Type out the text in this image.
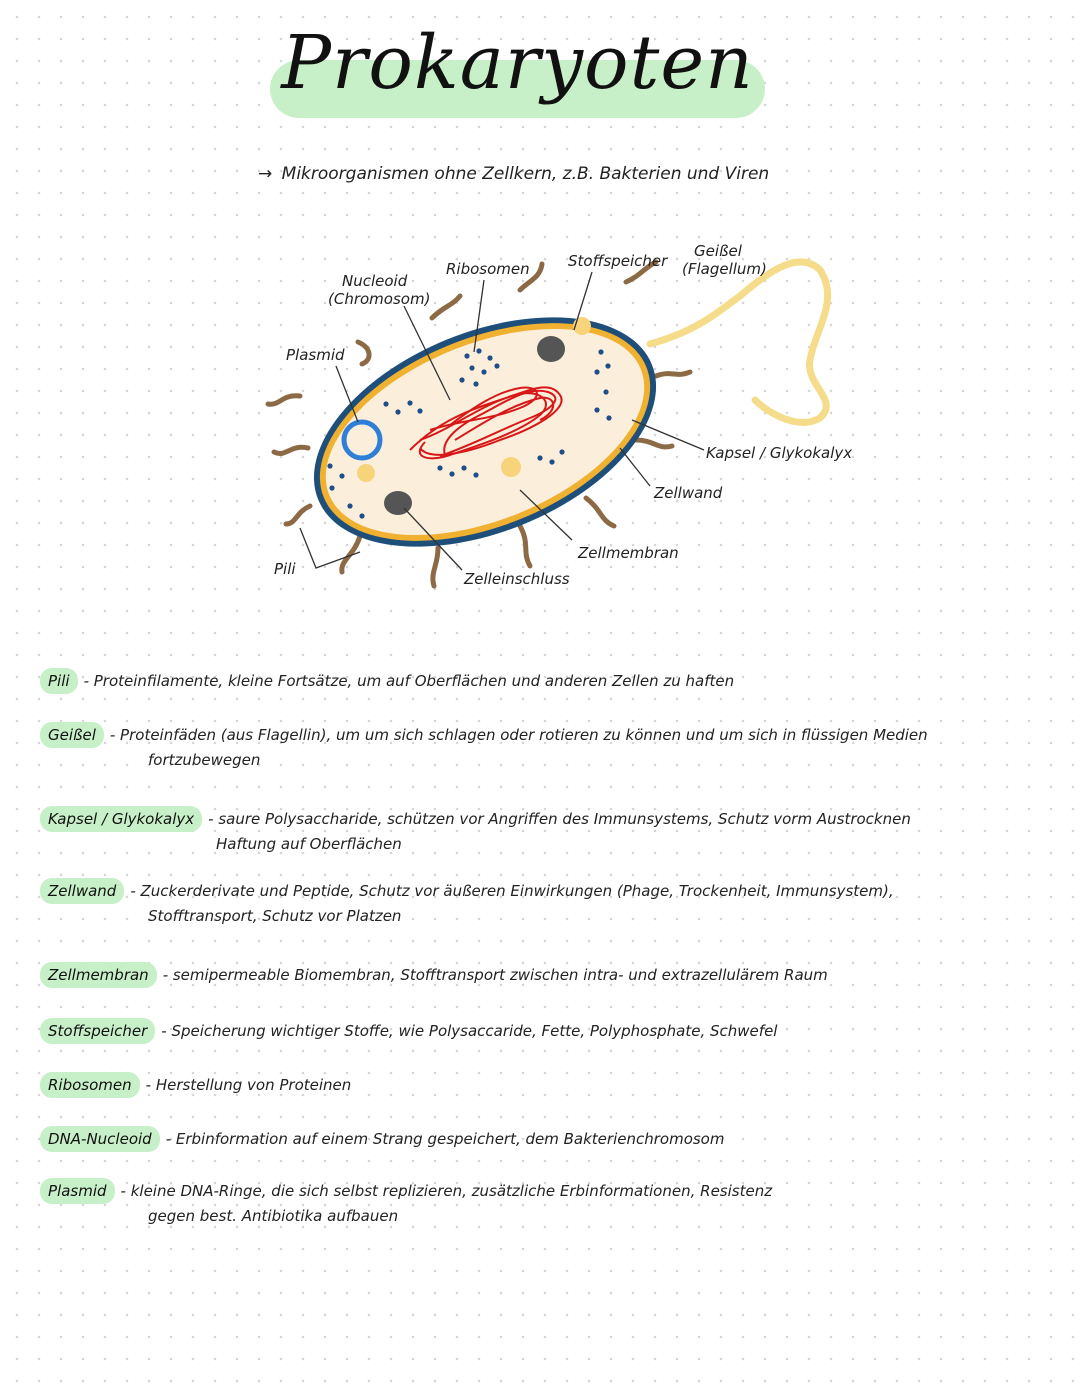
Prokaryoten
→ Mikroorganismen ohne Zellkern, z.B. Bakterien und Viren
Nucleoid
(Chromosom)
Ribosomen	Stoffspeicher
Geißel
(Flagellum)
Plasmid
Kapsel / Glykokalyx
Zellwand
Zellmembran
Zelleinschluss
Pili
Pili - Proteinfilamente, kleine Fortsätze, um auf Oberflächen und anderen Zellen zu haften
Geißel - Proteinfäden (aus Flagellin), um um sich schlagen oder rotieren zu können und um sich in flüssigen Medien
fortzubewegen
Kapsel / Glykokalyx - saure Polysaccharide, schützen vor Angriffen des Immunsystems, Schutz vorm Austrocknen
Haftung auf Oberflächen
Zellwand - Zuckerderivate und Peptide, Schutz vor äußeren Einwirkungen (Phage, Trockenheit, Immunsystem),
Stofftransport, Schutz vor Platzen
Zellmembran - semipermeable Biomembran, Stofftransport zwischen intra- und extrazellulärem Raum
Stoffspeicher - Speicherung wichtiger Stoffe, wie Polysaccaride, Fette, Polyphosphate, Schwefel
Ribosomen - Herstellung von Proteinen
DNA-Nucleoid - Erbinformation auf einem Strang gespeichert, dem Bakterienchromosom
Plasmid - kleine DNA-Ringe, die sich selbst replizieren, zusätzliche Erbinformationen, Resistenz
gegen best. Antibiotika aufbauen
